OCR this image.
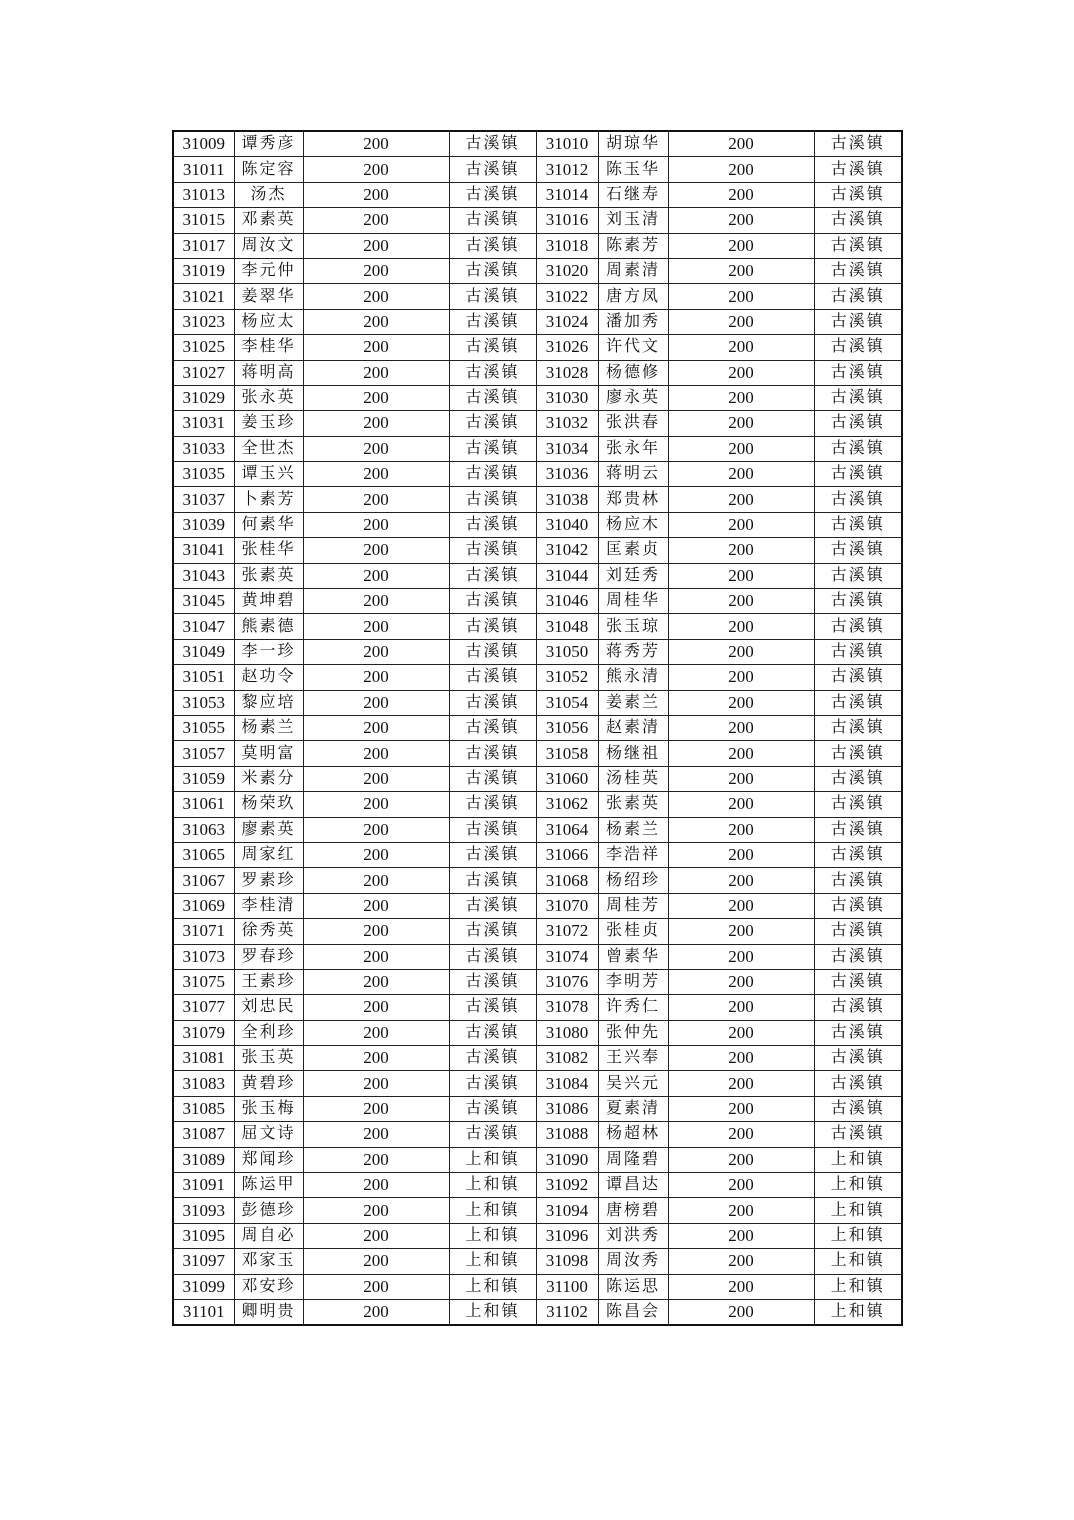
31009	谭秀彦	200	古溪镇	31010	胡琼华	200	古溪镇
31011	陈定容	200	古溪镇	31012	陈玉华	200	古溪镇
31013	汤杰	200	古溪镇	31014	石继寿	200	古溪镇
31015	邓素英	200	古溪镇	31016	刘玉清	200	古溪镇
31017	周汝文	200	古溪镇	31018	陈素芳	200	古溪镇
31019	李元仲	200	古溪镇	31020	周素清	200	古溪镇
31021	姜翠华	200	古溪镇	31022	唐方凤	200	古溪镇
31023	杨应太	200	古溪镇	31024	潘加秀	200	古溪镇
31025	李桂华	200	古溪镇	31026	许代文	200	古溪镇
31027	蒋明高	200	古溪镇	31028	杨德修	200	古溪镇
31029	张永英	200	古溪镇	31030	廖永英	200	古溪镇
31031	姜玉珍	200	古溪镇	31032	张洪春	200	古溪镇
31033	全世杰	200	古溪镇	31034	张永年	200	古溪镇
31035	谭玉兴	200	古溪镇	31036	蒋明云	200	古溪镇
31037	卜素芳	200	古溪镇	31038	郑贵林	200	古溪镇
31039	何素华	200	古溪镇	31040	杨应木	200	古溪镇
31041	张桂华	200	古溪镇	31042	匡素贞	200	古溪镇
31043	张素英	200	古溪镇	31044	刘廷秀	200	古溪镇
31045	黄坤碧	200	古溪镇	31046	周桂华	200	古溪镇
31047	熊素德	200	古溪镇	31048	张玉琼	200	古溪镇
31049	李一珍	200	古溪镇	31050	蒋秀芳	200	古溪镇
31051	赵功令	200	古溪镇	31052	熊永清	200	古溪镇
31053	黎应培	200	古溪镇	31054	姜素兰	200	古溪镇
31055	杨素兰	200	古溪镇	31056	赵素清	200	古溪镇
31057	莫明富	200	古溪镇	31058	杨继祖	200	古溪镇
31059	米素分	200	古溪镇	31060	汤桂英	200	古溪镇
31061	杨荣玖	200	古溪镇	31062	张素英	200	古溪镇
31063	廖素英	200	古溪镇	31064	杨素兰	200	古溪镇
31065	周家红	200	古溪镇	31066	李浩祥	200	古溪镇
31067	罗素珍	200	古溪镇	31068	杨绍珍	200	古溪镇
31069	李桂清	200	古溪镇	31070	周桂芳	200	古溪镇
31071	徐秀英	200	古溪镇	31072	张桂贞	200	古溪镇
31073	罗春珍	200	古溪镇	31074	曾素华	200	古溪镇
31075	王素珍	200	古溪镇	31076	李明芳	200	古溪镇
31077	刘忠民	200	古溪镇	31078	许秀仁	200	古溪镇
31079	全利珍	200	古溪镇	31080	张仲先	200	古溪镇
31081	张玉英	200	古溪镇	31082	王兴奉	200	古溪镇
31083	黄碧珍	200	古溪镇	31084	吴兴元	200	古溪镇
31085	张玉梅	200	古溪镇	31086	夏素清	200	古溪镇
31087	屈文诗	200	古溪镇	31088	杨超林	200	古溪镇
31089	郑闻珍	200	上和镇	31090	周隆碧	200	上和镇
31091	陈运甲	200	上和镇	31092	谭昌达	200	上和镇
31093	彭德珍	200	上和镇	31094	唐榜碧	200	上和镇
31095	周自必	200	上和镇	31096	刘洪秀	200	上和镇
31097	邓家玉	200	上和镇	31098	周汝秀	200	上和镇
31099	邓安珍	200	上和镇	31100	陈运思	200	上和镇
31101	卿明贵	200	上和镇	31102	陈昌会	200	上和镇
